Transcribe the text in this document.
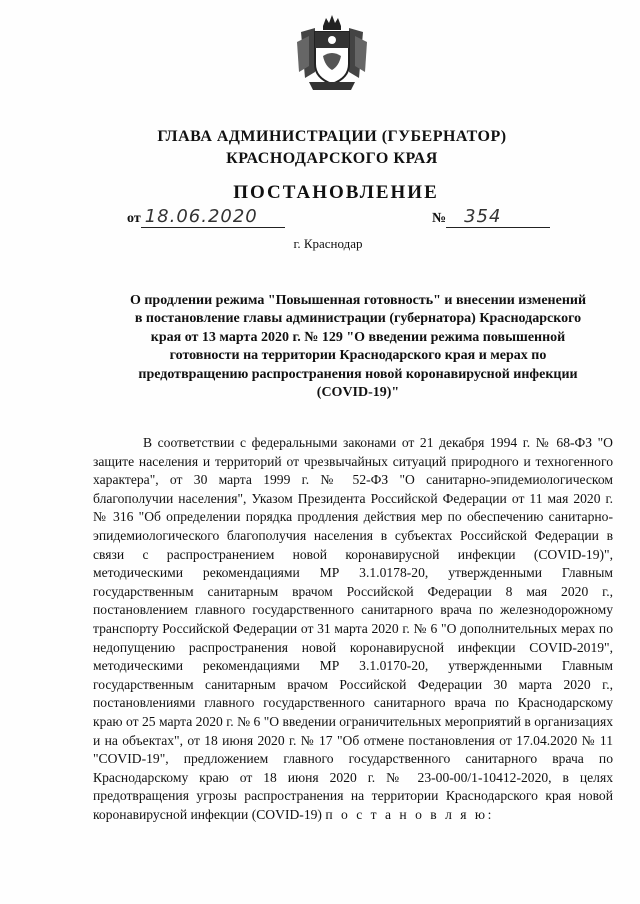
ГЛАВА АДМИНИСТРАЦИИ (ГУБЕРНАТОР)
КРАСНОДАРСКОГО КРАЯ
ПОСТАНОВЛЕНИЕ
от 18.06.2020	№ 354
г. Краснодар
О продлении режима "Повышенная готовность" и внесении изменений в постановление главы администрации (губернатора) Краснодарского края от 13 марта 2020 г. № 129 "О введении режима повышенной готовности на территории Краснодарского края и мерах по предотвращению распространения новой коронавирусной инфекции (COVID-19)"
В соответствии с федеральными законами от 21 декабря 1994 г. № 68-ФЗ "О защите населения и территорий от чрезвычайных ситуаций природного и техногенного характера", от 30 марта 1999 г. № 52-ФЗ "О санитарно-эпидемиологическом благополучии населения", Указом Президента Российской Федерации от 11 мая 2020 г. № 316 "Об определении порядка продления действия мер по обеспечению санитарно-эпидемиологического благополучия населения в субъектах Российской Федерации в связи с распространением новой коронавирусной инфекции (COVID-19)", методическими рекомендациями МР 3.1.0178-20, утвержденными Главным государственным санитарным врачом Российской Федерации 8 мая 2020 г., постановлением главного государственного санитарного врача по железнодорожному транспорту Российской Федерации от 31 марта 2020 г. № 6 "О дополнительных мерах по недопущению распространения новой коронавирусной инфекции COVID-2019", методическими рекомендациями МР 3.1.0170-20, утвержденными Главным государственным санитарным врачом Российской Федерации 30 марта 2020 г., постановлениями главного государственного санитарного врача по Краснодарскому краю от 25 марта 2020 г. № 6 "О введении ограничительных мероприятий в организациях и на объектах", от 18 июня 2020 г. № 17 "Об отмене постановления от 17.04.2020 № 11 "COVID-19", предложением главного государственного санитарного врача по Краснодарскому краю от 18 июня 2020 г. № 23-00-00/1-10412-2020, в целях предотвращения угрозы распространения на территории Краснодарского края новой коронавирусной инфекции (COVID-19) п о с т а н о в л я ю:
